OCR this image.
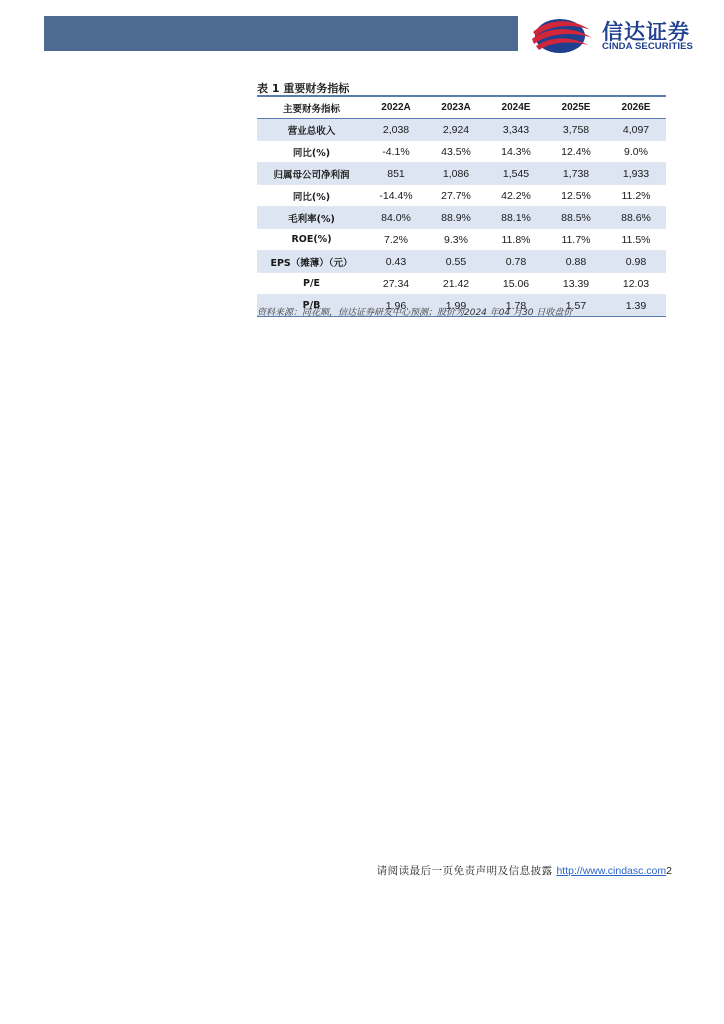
信达证券
CINDA SECURITIES
表 1 重要财务指标
主要财务指标	2022A	2023A	2024E	2025E	2026E
营业总收入	2,038	2,924	3,343	3,758	4,097
同比(%)	-4.1%	43.5%	14.3%	12.4%	9.0%
归属母公司净利润	851	1,086	1,545	1,738	1,933
同比(%)	-14.4%	27.7%	42.2%	12.5%	11.2%
毛利率(%)	84.0%	88.9%	88.1%	88.5%	88.6%
ROE(%)	7.2%	9.3%	11.8%	11.7%	11.5%
EPS（摊薄）（元）	0.43	0.55	0.78	0.88	0.98
P/E	27.34	21.42	15.06	13.39	12.03
P/B	1.96	1.99	1.78	1.57	1.39
资料来源：同花顺，信达证券研发中心预测；股价为2024 年04 月30 日收盘价
请阅读最后一页免责声明及信息披露 http://www.cindasc.com2
